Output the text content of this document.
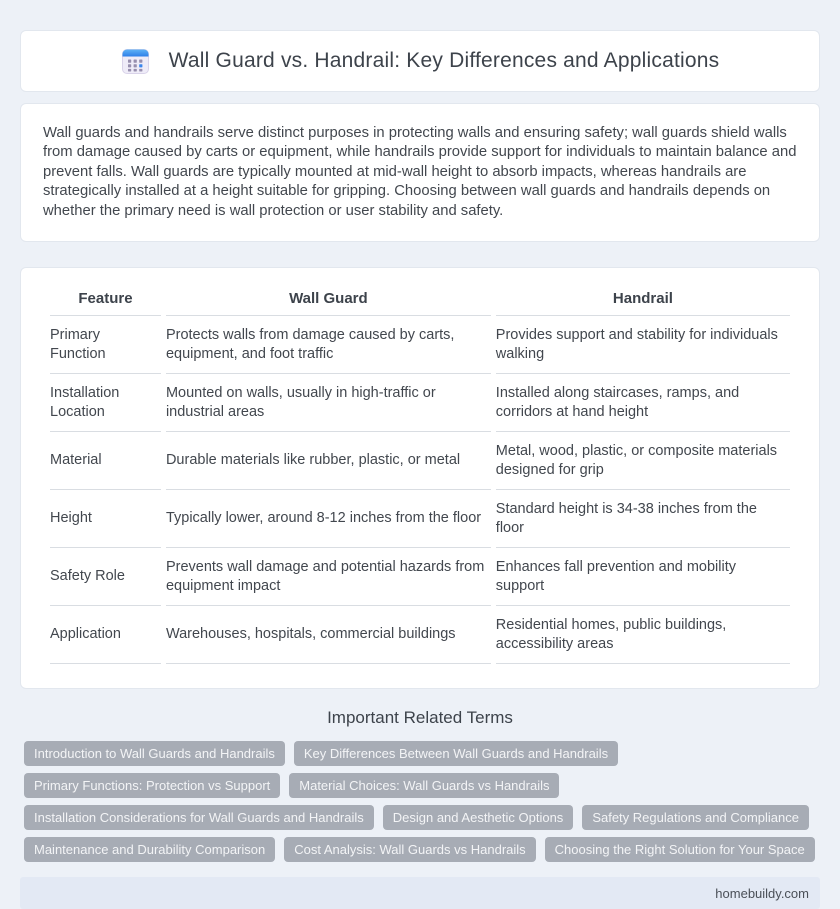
Wall Guard vs. Handrail: Key Differences and Applications

Wall guards and handrails serve distinct purposes in protecting walls and ensuring safety; wall guards shield walls from damage caused by carts or equipment, while handrails provide support for individuals to maintain balance and prevent falls. Wall guards are typically mounted at mid-wall height to absorb impacts, whereas handrails are strategically installed at a height suitable for gripping. Choosing between wall guards and handrails depends on whether the primary need is wall protection or user stability and safety.

Feature	Wall Guard	Handrail
Primary Function	Protects walls from damage caused by carts, equipment, and foot traffic	Provides support and stability for individuals walking
Installation Location	Mounted on walls, usually in high-traffic or industrial areas	Installed along staircases, ramps, and corridors at hand height
Material	Durable materials like rubber, plastic, or metal	Metal, wood, plastic, or composite materials designed for grip
Height	Typically lower, around 8-12 inches from the floor	Standard height is 34-38 inches from the floor
Safety Role	Prevents wall damage and potential hazards from equipment impact	Enhances fall prevention and mobility support
Application	Warehouses, hospitals, commercial buildings	Residential homes, public buildings, accessibility areas
Important Related Terms
Introduction to Wall Guards and Handrails	Key Differences Between Wall Guards and Handrails
Primary Functions: Protection vs Support	Material Choices: Wall Guards vs Handrails
Installation Considerations for Wall Guards and Handrails	Design and Aesthetic Options	Safety Regulations and Compliance
Maintenance and Durability Comparison	Cost Analysis: Wall Guards vs Handrails	Choosing the Right Solution for Your Space
homebuildy.com
